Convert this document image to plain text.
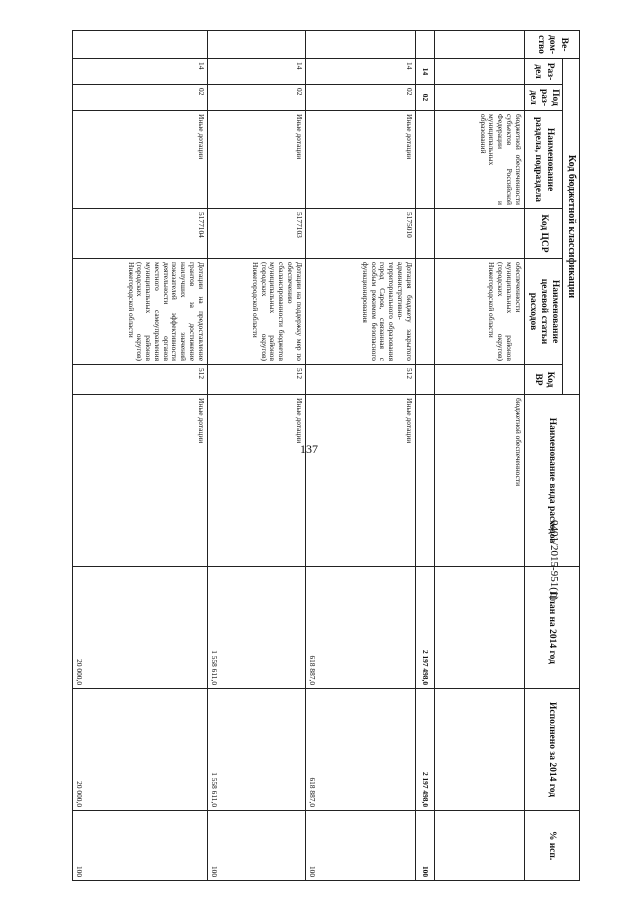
137
0401/2015-951(1)
Ве-дом-ство	Код бюджетной классификации						Наименование вида расходов	План на 2014 год	Исполнено за 2014 год	% исп.
	Раз-дел	Под раз-дел	Наименование раздела, подраздела	Код ЦСР	Наименование целевой статьи расходов	Код ВР				
			бюджетной обеспеченности субъектов Российской Федерации и муниципальных образований		обеспеченности муниципальных районов (городских округов) Нижегородской области		бюджетной обеспеченности			
	14	02						2 197 498,0	2 197 498,0	100
	14	02	Иные дотации	5175010	Дотация бюджету закрытого административно-территориального образования город Саров, связанная с особым режимом безопасного функционирования	512	Иные дотации	618 887,0	618 887,0	100
	14	02	Иные дотации	5177103	Дотации на поддержку мер по обеспечению сбалансированности бюджетов муниципальных районов (городских округов) Нижегородской области	512	Иные дотации	1 558 611,0	1 558 611,0	100
	14	02	Иные дотации	5177104	Дотации на предоставление грантов за достижение наилучших значений показателей эффективности деятельности органов местного самоуправления муниципальных районов (городских округов) Нижегородской области	512	Иные дотации	20 000,0	20 000,0	100
